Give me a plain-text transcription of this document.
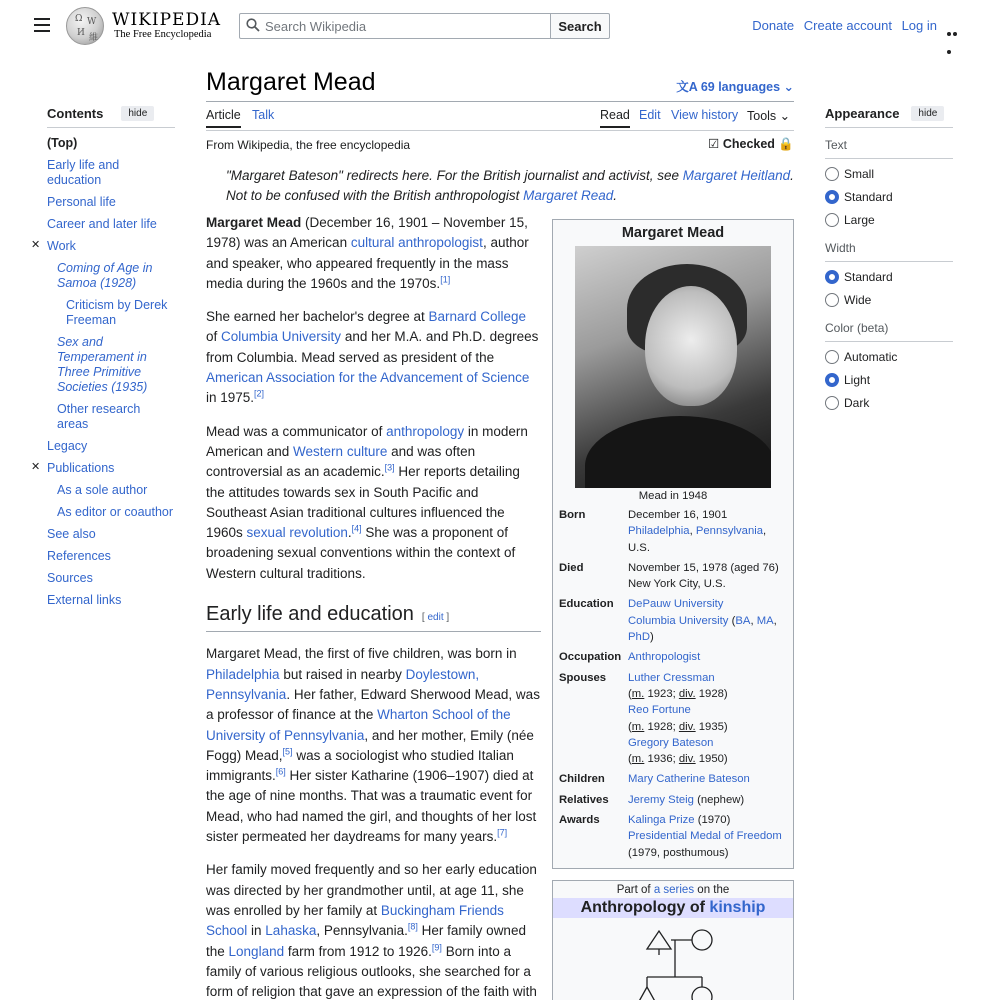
Ω W
И 維
WIKIPEDIA
The Free Encyclopedia
Search Wikipedia
Search	Donate Create account Log in
Contents	hide
(Top)
Early life and education
Personal life
Career and later life
✕ Work
Coming of Age in Samoa (1928)
Criticism by Derek Freeman
Sex and Temperament in Three Primitive Societies (1935)
Other research areas
Legacy
✕ Publications
As a sole author
As editor or coauthor
See also
References
Sources
External links
Margaret Mead	文A 69 languages ⌄
Article Talk	Read Edit View history Tools ⌄
From Wikipedia, the free encyclopedia	☑ Checked 🔒
"Margaret Bateson" redirects here. For the British journalist and activist, see Margaret Heitland. Not to be confused with the British anthropologist Margaret Read.

Margaret Mead (December 16, 1901 – November 15, 1978) was an American cultural anthropologist, author and speaker, who appeared frequently in the mass media during the 1960s and the 1970s.[1]

She earned her bachelor's degree at Barnard College of Columbia University and her M.A. and Ph.D. degrees from Columbia. Mead served as president of the American Association for the Advancement of Science in 1975.[2]

Mead was a communicator of anthropology in modern American and Western culture and was often controversial as an academic.[3] Her reports detailing the attitudes towards sex in South Pacific and Southeast Asian traditional cultures influenced the 1960s sexual revolution.[4] She was a proponent of broadening sexual conventions within the context of Western cultural traditions.

Early life and education [ edit ]

Margaret Mead, the first of five children, was born in Philadelphia but raised in nearby Doylestown, Pennsylvania. Her father, Edward Sherwood Mead, was a professor of finance at the Wharton School of the University of Pennsylvania, and her mother, Emily (née Fogg) Mead,[5] was a sociologist who studied Italian immigrants.[6] Her sister Katharine (1906–1907) died at the age of nine months. That was a traumatic event for Mead, who had named the girl, and thoughts of her lost sister permeated her daydreams for many years.[7]

Her family moved frequently and so her early education was directed by her grandmother until, at age 11, she was enrolled by her family at Buckingham Friends School in Lahaska, Pennsylvania.[8] Her family owned the Longland farm from 1912 to 1926.[9] Born into a family of various religious outlooks, she searched for a form of religion that gave an expression of the faith with

Margaret Mead
Mead in 1948
Born	December 16, 1901
Philadelphia, Pennsylvania, U.S.
Died	November 15, 1978 (aged 76)
New York City, U.S.
Education	DePauw University
Columbia University (BA, MA, PhD)
Occupation Anthropologist
Spouses	Luther Cressman
(m. 1923; div. 1928)
Reo Fortune
(m. 1928; div. 1935)
Gregory Bateson
(m. 1936; div. 1950)
Children	Mary Catherine Bateson
Relatives	Jeremy Steig (nephew)
Awards	Kalinga Prize (1970)
Presidential Medal of Freedom
(1979, posthumous)
Part of a series on the
Anthropology of kinship
Appearance	hide
Text
Small
Standard
Large
Width
Standard
Wide
Color (beta)
Automatic
Light
Dark
